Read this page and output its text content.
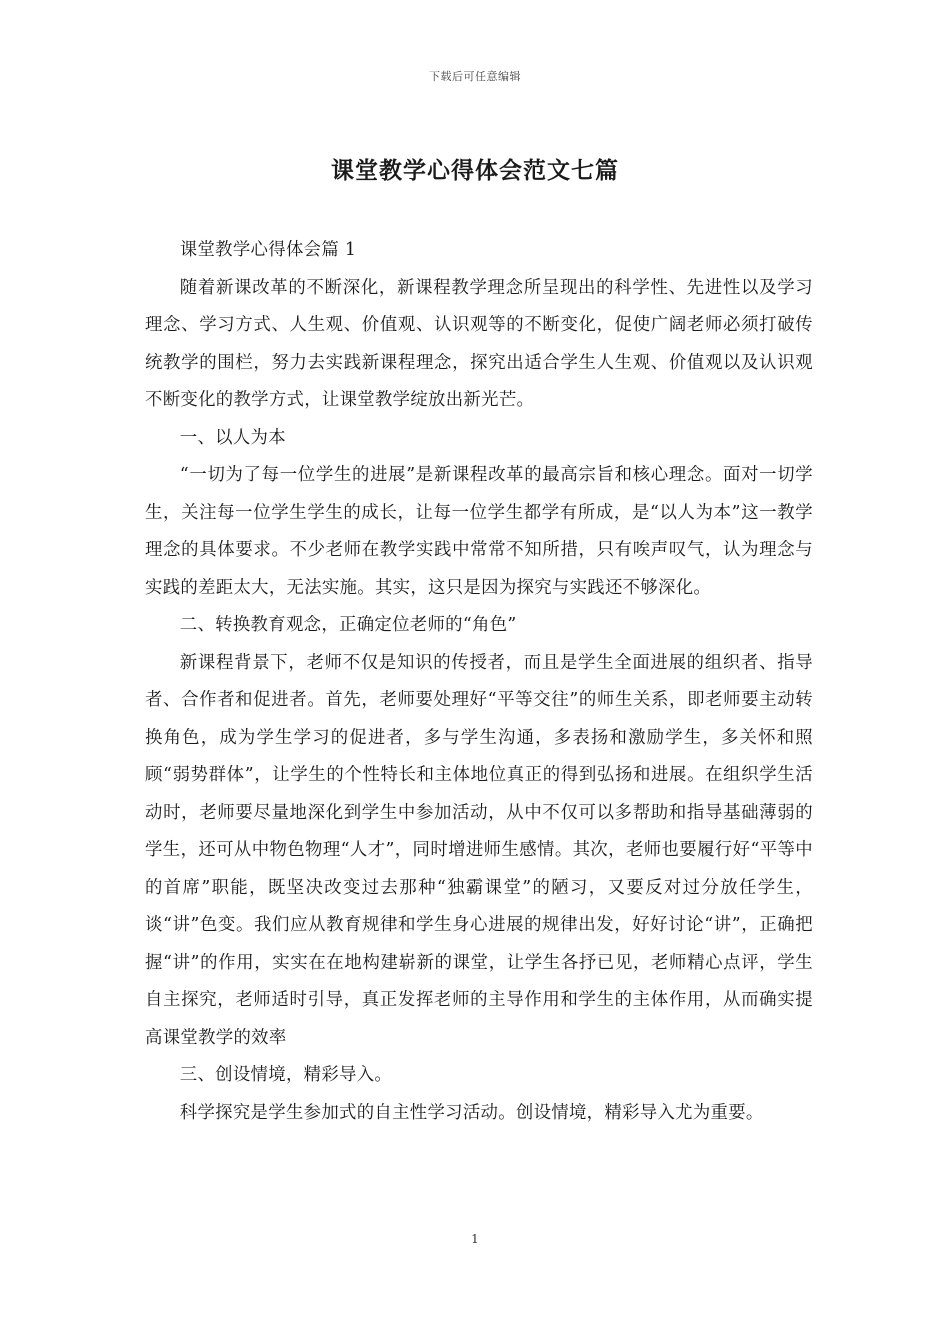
下载后可任意编辑
课堂教学心得体会范文七篇

课堂教学心得体会篇 1

随着新课改革的不断深化，新课程教学理念所呈现出的科学性、先进性以及学习理念、学习方式、人生观、价值观、认识观等的不断变化，促使广阔老师必须打破传统教学的围栏，努力去实践新课程理念，探究出适合学生人生观、价值观以及认识观不断变化的教学方式，让课堂教学绽放出新光芒。

一、以人为本

“一切为了每一位学生的进展”是新课程改革的最高宗旨和核心理念。面对一切学生，关注每一位学生学生的成长，让每一位学生都学有所成，是“以人为本”这一教学理念的具体要求。不少老师在教学实践中常常不知所措，只有唉声叹气，认为理念与实践的差距太大，无法实施。其实，这只是因为探究与实践还不够深化。

二、转换教育观念，正确定位老师的“角色”

新课程背景下，老师不仅是知识的传授者，而且是学生全面进展的组织者、指导者、合作者和促进者。首先，老师要处理好“平等交往”的师生关系，即老师要主动转换角色，成为学生学习的促进者，多与学生沟通，多表扬和激励学生，多关怀和照顾“弱势群体”，让学生的个性特长和主体地位真正的得到弘扬和进展。在组织学生活动时，老师要尽量地深化到学生中参加活动，从中不仅可以多帮助和指导基础薄弱的学生，还可从中物色物理“人才”，同时增进师生感情。其次，老师也要履行好“平等中的首席”职能，既坚决改变过去那种“独霸课堂”的陋习，又要反对过分放任学生，谈“讲”色变。我们应从教育规律和学生身心进展的规律出发，好好讨论“讲”，正确把握“讲”的作用，实实在在地构建崭新的课堂，让学生各抒已见，老师精心点评，学生自主探究，老师适时引导，真正发挥老师的主导作用和学生的主体作用，从而确实提高课堂教学的效率

三、创设情境，精彩导入。

科学探究是学生参加式的自主性学习活动。创设情境，精彩导入尤为重要。

1
